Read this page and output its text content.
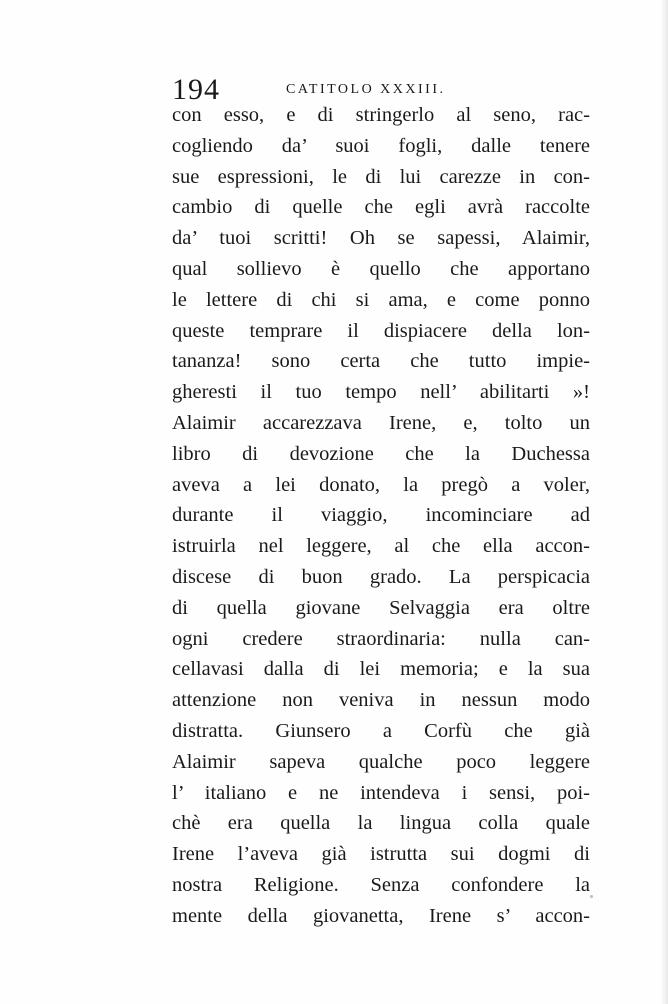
194	CATITOLO XXXIII.
con esso, e di stringerlo al seno, rac-
cogliendo da’ suoi fogli, dalle tenere
sue espressioni, le di lui carezze in con-
cambio di quelle che egli avrà raccolte
da’ tuoi scritti! Oh se sapessi, Alaimir,
qual sollievo è quello che apportano
le lettere di chi si ama, e come ponno
queste temprare il dispiacere della lon-
tananza! sono certa che tutto impie-
gheresti il tuo tempo nell’ abilitarti »!
Alaimir accarezzava Irene, e, tolto un
libro di devozione che la Duchessa
aveva a lei donato, la pregò a voler,
durante il viaggio, incominciare ad
istruirla nel leggere, al che ella accon-
discese di buon grado. La perspicacia
di quella giovane Selvaggia era oltre
ogni credere straordinaria: nulla can-
cellavasi dalla di lei memoria; e la sua
attenzione non veniva in nessun modo
distratta. Giunsero a Corfù che già
Alaimir sapeva qualche poco leggere
l’ italiano e ne intendeva i sensi, poi-
chè era quella la lingua colla quale
Irene l’aveva già istrutta sui dogmi di
nostra Religione. Senza confondere la
mente della giovanetta, Irene s’ accon-
